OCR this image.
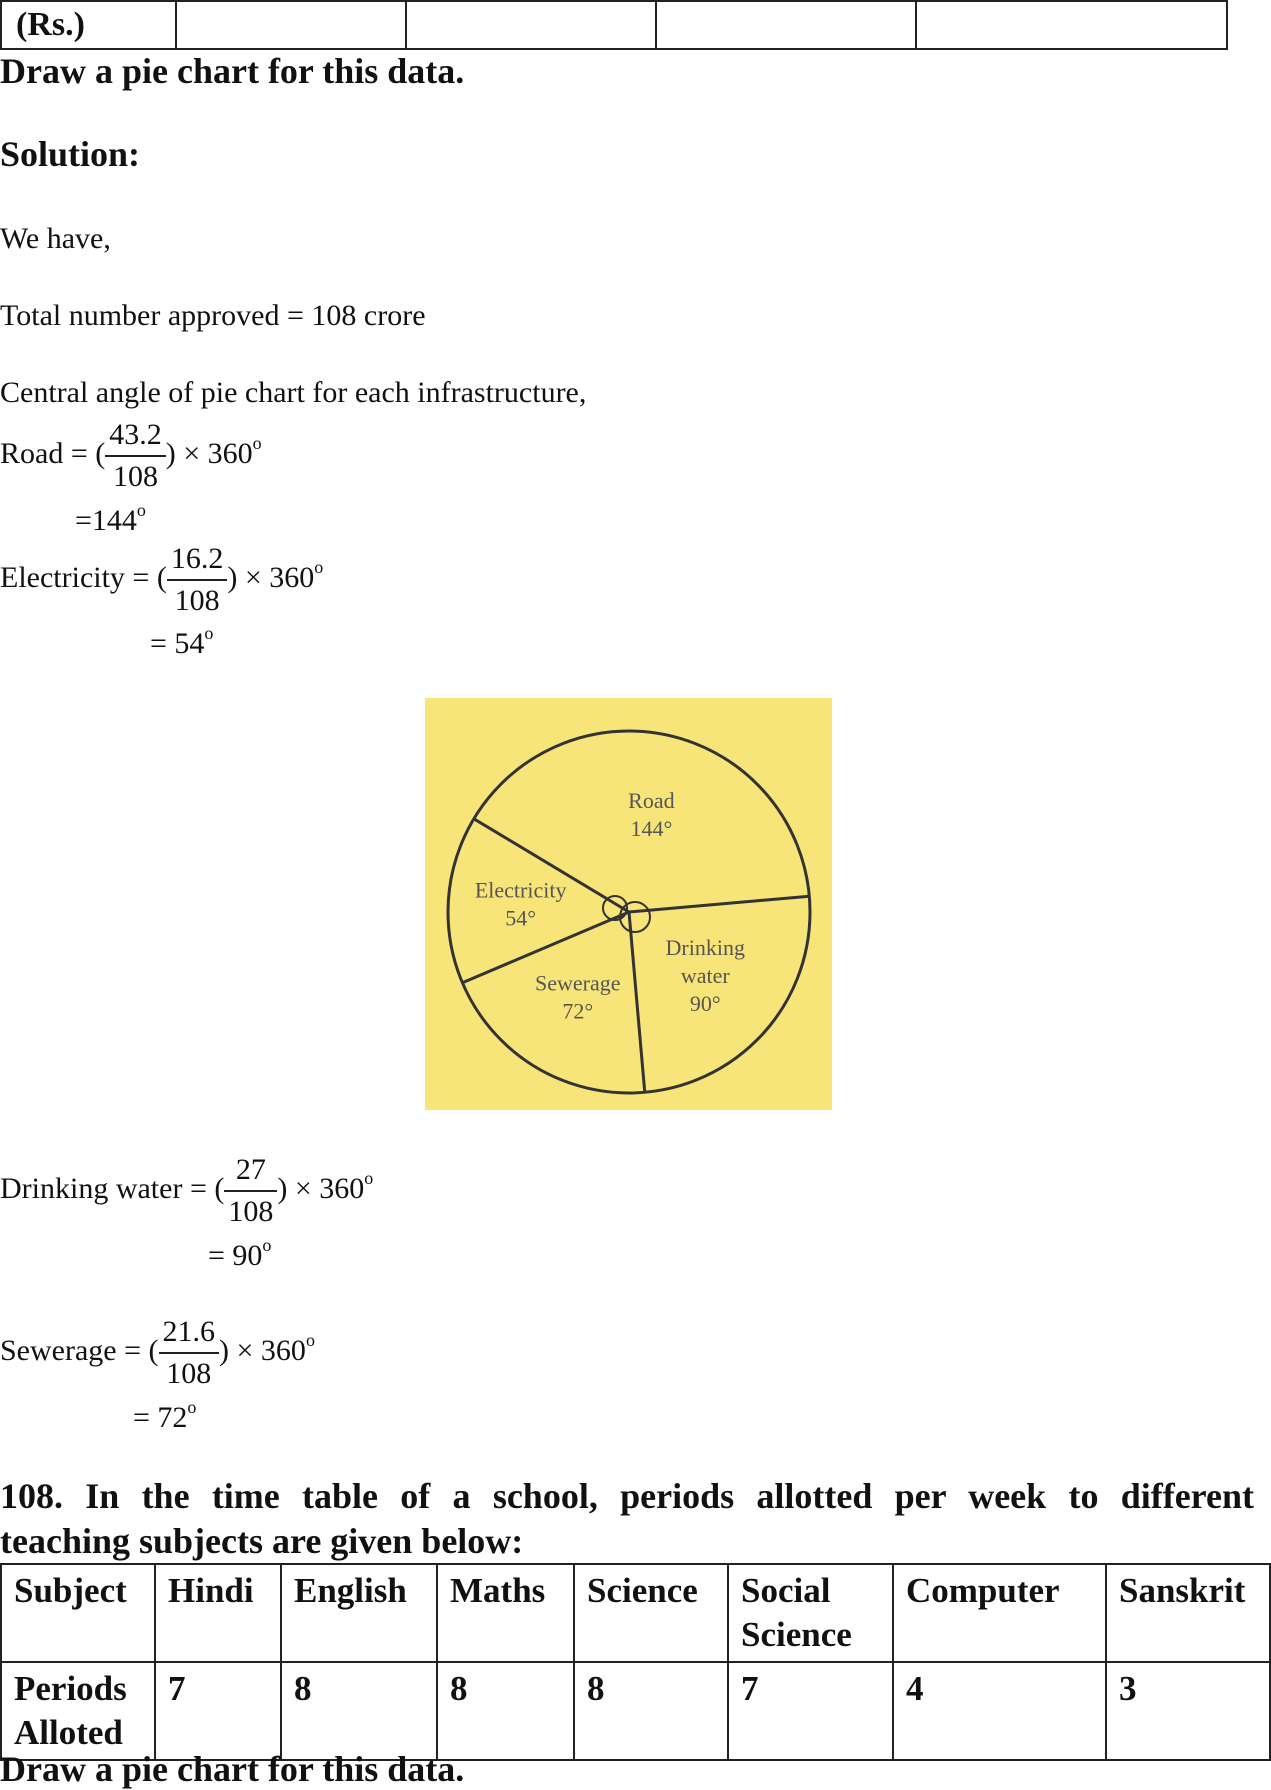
(Rs.)				
Draw a pie chart for this data.
Solution:
We have,
Total number approved = 108 crore
Central angle of pie chart for each infrastructure,
Road = ( $\frac{43.2}{108}$ ) × $360^o$
$=144^o$
Electricity = ( $\frac{16.2}{108}$ ) × $360^o$
= $54^o$
Road
144°
Drinking
water
90°
Sewerage
72°
Electricity
54°
Drinking water = ( $\frac{27}{108}$ ) × $360^o$
= $90^o$
Sewerage = ( $\frac{21.6}{108}$ ) × $360^o$
= $72^o$
108. In the time table of a school, periods allotted per week to different
teaching subjects are given below:
Subject	Hindi	English	Maths	Science	Social Science	Computer	Sanskrit
Periods Alloted	7	8	8	8	7	4	3
Draw a pie chart for this data.
